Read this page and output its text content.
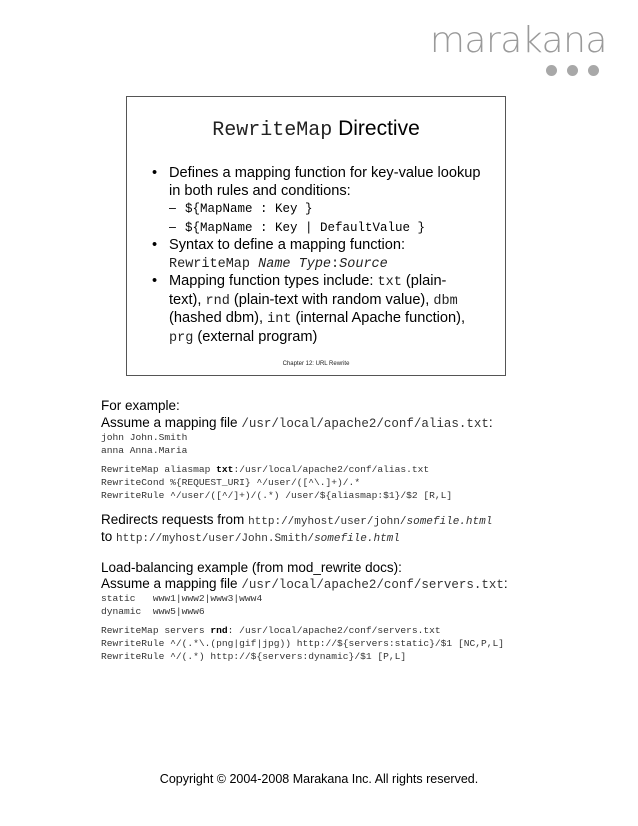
marakana
RewriteMap Directive
• Defines a mapping function for key-value lookup
in both rules and conditions:
– ${MapName : Key }
– ${MapName : Key | DefaultValue }
• Syntax to define a mapping function:
RewriteMap Name Type:Source
• Mapping function types include: txt (plain-
text), rnd (plain-text with random value), dbm
(hashed dbm), int (internal Apache function),
prg (external program)
Chapter 12: URL Rewrite
For example:
Assume a mapping file /usr/local/apache2/conf/alias.txt:
john John.Smith
anna Anna.Maria
RewriteMap aliasmap txt:/usr/local/apache2/conf/alias.txt
RewriteCond %{REQUEST_URI} ^/user/([^\.]+)/.*
RewriteRule ^/user/([^/]+)/(.*) /user/${aliasmap:$1}/$2 [R,L]
Redirects requests from http://myhost/user/john/somefile.html
to http://myhost/user/John.Smith/somefile.html
Load-balancing example (from mod_rewrite docs):
Assume a mapping file /usr/local/apache2/conf/servers.txt:
static   www1|www2|www3|www4
dynamic  www5|www6
RewriteMap servers rnd: /usr/local/apache2/conf/servers.txt
RewriteRule ^/(.*\.(png|gif|jpg)) http://${servers:static}/$1 [NC,P,L]
RewriteRule ^/(.*) http://${servers:dynamic}/$1 [P,L]
Copyright © 2004-2008 Marakana Inc. All rights reserved.
